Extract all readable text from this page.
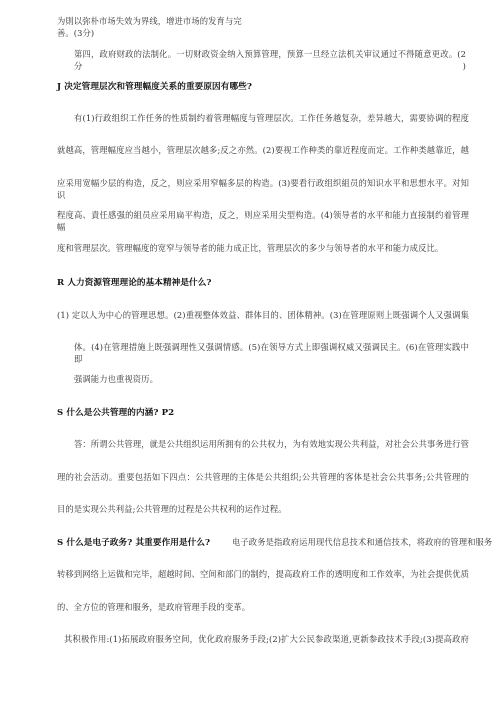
为則以弥朴市场失效为界线，增进市场的发育与完善。(3分)
第四，政府财政的法制化。一切财政资金纳入预算管理，预算一旦经立法机关审议通过不得随意更改。(2分)
J 决定管理层次和管理幅度关系的重要原因有哪些?
有(1)行政组织工作任务的性质制约着管理幅度与管理层次。工作任务越复杂，差异越大，需要协调的程度
就越高，管理幅度应当越小，管理层次越多;反之亦然。(2)要视工作种类的靠近程度而定。工作种类越靠近，越
应采用宽幅少层的构造，反之，则应采用窄幅多层的构造。(3)要看行政组织組员的知识水平和思想水平。对知识
程度高、責任感强的組员应采用扁平构造，反之，则应采用尖型构造。(4)领导者的水平和能力直接制约着管理幅
度和管理层次。管理幅度的宽窄与领导者的能力成正比，管理层次的多少与领导者的水平和能力成反比。
R 人力资源管理理论的基本精神是什么?
(1) 定以人为中心的管理思想。(2)重视整体效益、群体目的、团体精神。(3)在管理原则上既强调个人又强调集
体。(4)在管理措施上既强调理性又强调情感。(5)在领导方式上即强调权威又强调民主。(6)在管理实践中即
强调能力也重视资历。
S 什么是公共管理的内涵? P2
答：所谓公共管理，就是公共组织运用所拥有的公共权力，为有效地实现公共利益，对社会公共事务进行管
理的社会活动。重要包括如下四点：公共管理的主体是公共组织;公共管理的客体是社会公共事务;公共管理的
目的是实现公共利益;公共管理的过程是公共权利的运作过程。
S 什么是电子政务? 其重要作用是什么?	电子政务是指政府运用现代信息技术和通信技术，将政府的管理和服务
转移到网络上运做和完毕，超越时间、空间和部门的制约，提高政府工作的透明度和工作效率，为社会提供优质
的、全方位的管理和服务，是政府管理手段的变革。
其积极作用:(1)拓展政府服务空间，优化政府服务手段;(2)扩大公民参政渠道,更新参政技术手段;(3)提高政府
